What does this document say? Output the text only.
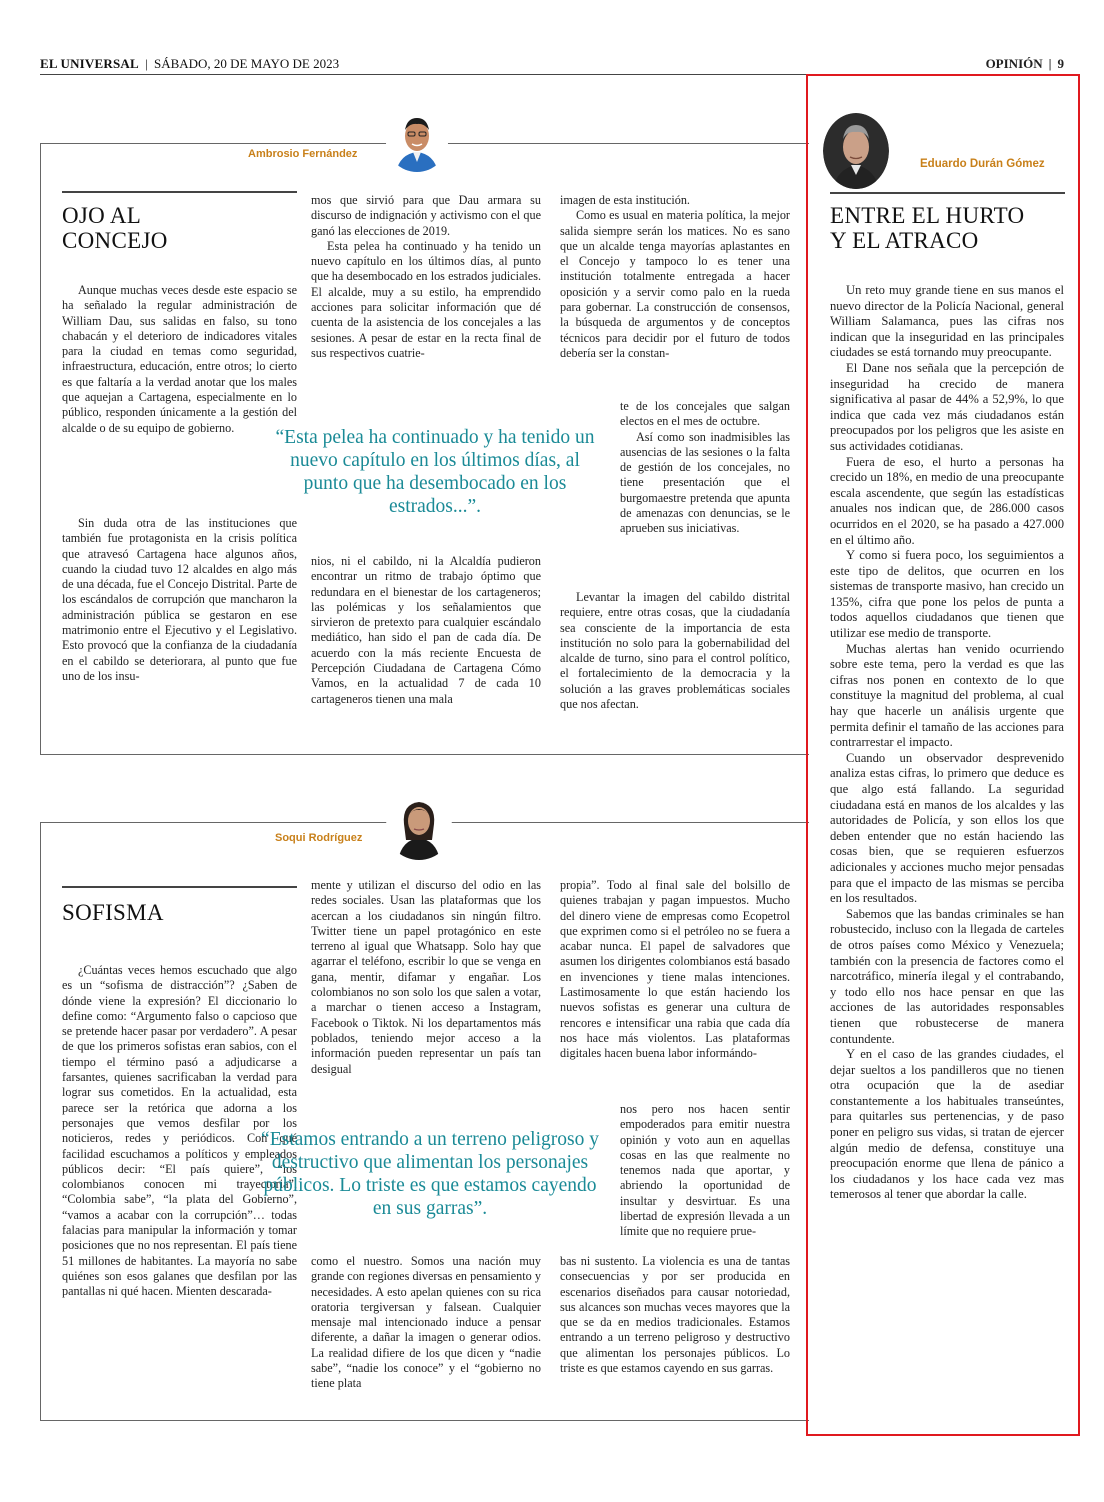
EL UNIVERSAL | SÁBADO, 20 DE MAYO DE 2023	OPINIÓN | 9
Ambrosio Fernández
OJO AL
CONCEJO

Aunque muchas veces desde este espacio se ha señalado la regular administración de William Dau, sus salidas en falso, su tono chabacán y el deterioro de indicadores vitales para la ciudad en temas como seguridad, infraestructura, educación, entre otros; lo cierto es que faltaría a la verdad anotar que los males que aquejan a Cartagena, especialmente en lo público, responden únicamente a la gestión del alcalde o de su equipo de gobierno.

Sin duda otra de las instituciones que también fue protagonista en la crisis política que atravesó Cartagena hace algunos años, cuando la ciudad tuvo 12 alcaldes en algo más de una década, fue el Concejo Distrital. Parte de los escándalos de corrupción que mancharon la administración pública se gestaron en ese matrimonio entre el Ejecutivo y el Legislativo. Esto provocó que la confianza de la ciudadanía en el cabildo se deteriorara, al punto que fue uno de los insu-

mos que sirvió para que Dau armara su discurso de indignación y activismo con el que ganó las elecciones de 2019.

Esta pelea ha continuado y ha tenido un nuevo capítulo en los últimos días, al punto que ha desembocado en los estrados judiciales. El alcalde, muy a su estilo, ha emprendido acciones para solicitar información que dé cuenta de la asistencia de los concejales a las sesiones. A pesar de estar en la recta final de sus respectivos cuatrie-

nios, ni el cabildo, ni la Alcaldía pudieron encontrar un ritmo de trabajo óptimo que redundara en el bienestar de los cartageneros; las polémicas y los señalamientos que sirvieron de pretexto para cualquier escándalo mediático, han sido el pan de cada día. De acuerdo con la más reciente Encuesta de Percepción Ciudadana de Cartagena Cómo Vamos, en la actualidad 7 de cada 10 cartageneros tienen una mala

imagen de esta institución.

Como es usual en materia política, la mejor salida siempre serán los matices. No es sano que un alcalde tenga mayorías aplastantes en el Concejo y tampoco lo es tener una institución totalmente entregada a hacer oposición y a servir como palo en la rueda para gobernar. La construcción de consensos, la búsqueda de argumentos y de conceptos técnicos para decidir por el futuro de todos debería ser la constan-

te de los concejales que salgan electos en el mes de octubre.

Así como son inadmisibles las ausencias de las sesiones o la falta de gestión de los concejales, no tiene presentación que el burgomaestre pretenda que apunta de amenazas con denuncias, se le aprueben sus iniciativas.

Levantar la imagen del cabildo distrital requiere, entre otras cosas, que la ciudadanía sea consciente de la importancia de esta institución no solo para la gobernabilidad del alcalde de turno, sino para el control político, el fortalecimiento de la democracia y la solución a las graves problemáticas sociales que nos afectan.

“Esta pelea ha continuado y ha tenido un nuevo capítulo en los últimos días, al punto que ha desembocado en los estrados...”.
Soqui Rodríguez
SOFISMA

¿Cuántas veces hemos escuchado que algo es un “sofisma de distracción”? ¿Saben de dónde viene la expresión? El diccionario lo define como: “Argumento falso o capcioso que se pretende hacer pasar por verdadero”. A pesar de que los primeros sofistas eran sabios, con el tiempo el término pasó a adjudicarse a farsantes, quienes sacrificaban la verdad para lograr sus cometidos. En la actualidad, esta parece ser la retórica que adorna a los personajes que vemos desfilar por los noticieros, redes y periódicos. Con qué facilidad escuchamos a políticos y empleados públicos decir: “El país quiere”, “los colombianos conocen mi trayectoria”, “Colombia sabe”, “la plata del Gobierno”, “vamos a acabar con la corrupción”… todas falacias para manipular la información y tomar posiciones que no nos representan. El país tiene 51 millones de habitantes. La mayoría no sabe quiénes son esos galanes que desfilan por las pantallas ni qué hacen. Mienten descarada-

mente y utilizan el discurso del odio en las redes sociales. Usan las plataformas que los acercan a los ciudadanos sin ningún filtro. Twitter tiene un papel protagónico en este terreno al igual que Whatsapp. Solo hay que agarrar el teléfono, escribir lo que se venga en gana, mentir, difamar y engañar. Los colombianos no son solo los que salen a votar, a marchar o tienen acceso a Instagram, Facebook o Tiktok. Ni los departamentos más poblados, teniendo mejor acceso a la información pueden representar un país tan desigual

como el nuestro. Somos una nación muy grande con regiones diversas en pensamiento y necesidades. A esto apelan quienes con su rica oratoria tergiversan y falsean. Cualquier mensaje mal intencionado induce a pensar diferente, a dañar la imagen o generar odios. La realidad difiere de los que dicen y “nadie sabe”, “nadie los conoce” y el “gobierno no tiene plata

propia”. Todo al final sale del bolsillo de quienes trabajan y pagan impuestos. Mucho del dinero viene de empresas como Ecopetrol que exprimen como si el petróleo no se fuera a acabar nunca. El papel de salvadores que asumen los dirigentes colombianos está basado en invenciones y tiene malas intenciones. Lastimosamente lo que están haciendo los nuevos sofistas es generar una cultura de rencores e intensificar una rabia que cada día nos hace más violentos. Las plataformas digitales hacen buena labor informándo-

nos pero nos hacen sentir empoderados para emitir nuestra opinión y voto aun en aquellas cosas en las que realmente no tenemos nada que aportar, y abriendo la oportunidad de insultar y desvirtuar. Es una libertad de expresión llevada a un límite que no requiere prue-

bas ni sustento. La violencia es una de tantas consecuencias y por ser producida en escenarios diseñados para causar notoriedad, sus alcances son muchas veces mayores que la que se da en medios tradicionales. Estamos entrando a un terreno peligroso y destructivo que alimentan los personajes públicos. Lo triste es que estamos cayendo en sus garras.

“Estamos entrando a un terreno peligroso y destructivo que alimentan los personajes públicos. Lo triste es que estamos cayendo en sus garras”.
Eduardo Durán Gómez
ENTRE EL HURTO
Y EL ATRACO

Un reto muy grande tiene en sus manos el nuevo director de la Policía Nacional, general William Salamanca, pues las cifras nos indican que la inseguridad en las principales ciudades se está tornando muy preocupante.

El Dane nos señala que la percepción de inseguridad ha crecido de manera significativa al pasar de 44% a 52,9%, lo que indica que cada vez más ciudadanos están preocupados por los peligros que les asiste en sus actividades cotidianas.

Fuera de eso, el hurto a personas ha crecido un 18%, en medio de una preocupante escala ascendente, que según las estadísticas anuales nos indican que, de 286.000 casos ocurridos en el 2020, se ha pasado a 427.000 en el último año.

Y como si fuera poco, los seguimientos a este tipo de delitos, que ocurren en los sistemas de transporte masivo, han crecido un 135%, cifra que pone los pelos de punta a todos aquellos ciudadanos que tienen que utilizar ese medio de transporte.

Muchas alertas han venido ocurriendo sobre este tema, pero la verdad es que las cifras nos ponen en contexto de lo que constituye la magnitud del problema, al cual hay que hacerle un análisis urgente que permita definir el tamaño de las acciones para contrarrestar el impacto.

Cuando un observador desprevenido analiza estas cifras, lo primero que deduce es que algo está fallando. La seguridad ciudadana está en manos de los alcaldes y las autoridades de Policía, y son ellos los que deben entender que no están haciendo las cosas bien, que se requieren esfuerzos adicionales y acciones mucho mejor pensadas para que el impacto de las mismas se perciba en los resultados.

Sabemos que las bandas criminales se han robustecido, incluso con la llegada de carteles de otros países como México y Venezuela; también con la presencia de factores como el narcotráfico, minería ilegal y el contrabando, y todo ello nos hace pensar en que las acciones de las autoridades responsables tienen que robustecerse de manera contundente.

Y en el caso de las grandes ciudades, el dejar sueltos a los pandilleros que no tienen otra ocupación que la de asediar constantemente a los habituales transeúntes, para quitarles sus pertenencias, y de paso poner en peligro sus vidas, si tratan de ejercer algún medio de defensa, constituye una preocupación enorme que llena de pánico a los ciudadanos y los hace cada vez mas temerosos al tener que abordar la calle.
